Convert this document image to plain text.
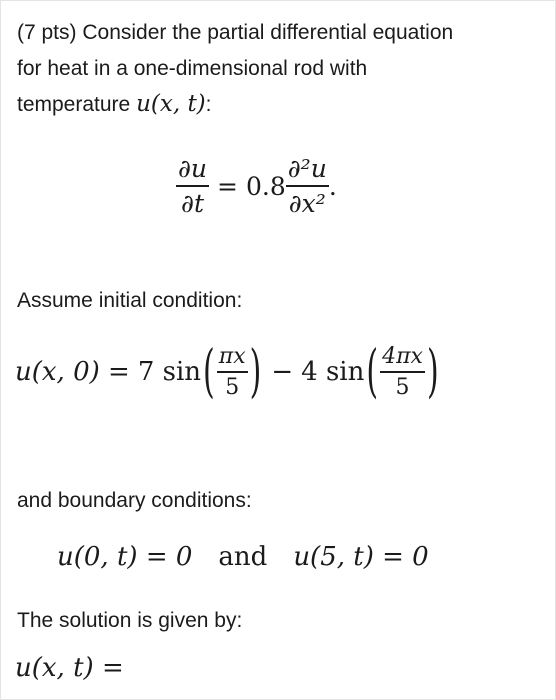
(7 pts) Consider the partial differential equation
for heat in a one-dimensional rod with
temperature u(x, t):
$\frac{\partial u}{\partial t} = 0.8 \frac{\text{∂²u}}{\text{∂x²}}$ .
Assume initial condition:
u(x, 0) = 7 sin ( $\frac{\pi x}{5}$ ) − 4 sin ( $\frac{4\pi x}{5}$ )
and boundary conditions:
u(0, t) = 0 and u(5, t) = 0
The solution is given by:
u(x, t) =
